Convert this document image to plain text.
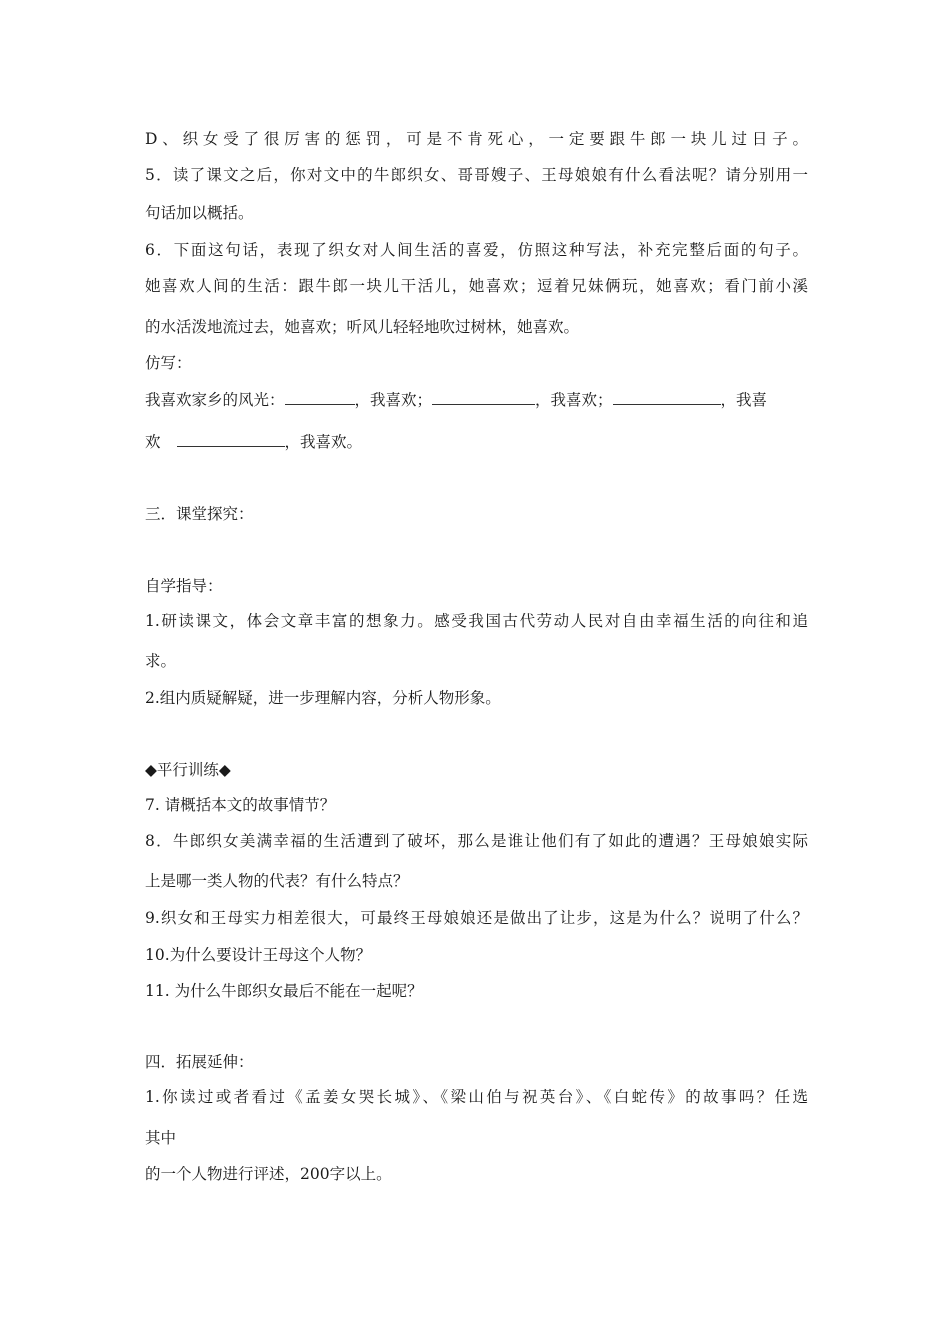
D、织女受了很厉害的惩罚，可是不肯死心，一定要跟牛郎一块儿过日子。
5．读了课文之后，你对文中的牛郎织女、哥哥嫂子、王母娘娘有什么看法呢？请分别用一
句话加以概括。
6．下面这句话，表现了织女对人间生活的喜爱，仿照这种写法，补充完整后面的句子。
她喜欢人间的生活：跟牛郎一块儿干活儿，她喜欢；逗着兄妹俩玩，她喜欢；看门前小溪
的水活泼地流过去，她喜欢；听风儿轻轻地吹过树林，她喜欢。
仿写：
我喜欢家乡的风光：	，我喜欢；	，我喜欢；	，我喜
欢	，我喜欢。
三．课堂探究：
自学指导：
1.研读课文，体会文章丰富的想象力。感受我国古代劳动人民对自由幸福生活的向往和追
求。
2.组内质疑解疑，进一步理解内容，分析人物形象。
◆平行训练◆
7. 请概括本文的故事情节？
8．牛郎织女美满幸福的生活遭到了破坏，那么是谁让他们有了如此的遭遇？王母娘娘实际
上是哪一类人物的代表？有什么特点？
9.织女和王母实力相差很大，可最终王母娘娘还是做出了让步，这是为什么？说明了什么？
10.为什么要设计王母这个人物？
11. 为什么牛郎织女最后不能在一起呢？
四．拓展延伸：
1.你读过或者看过《孟姜女哭长城》、《梁山伯与祝英台》、《白蛇传》的故事吗？任选
其中
的一个人物进行评述，200字以上。
